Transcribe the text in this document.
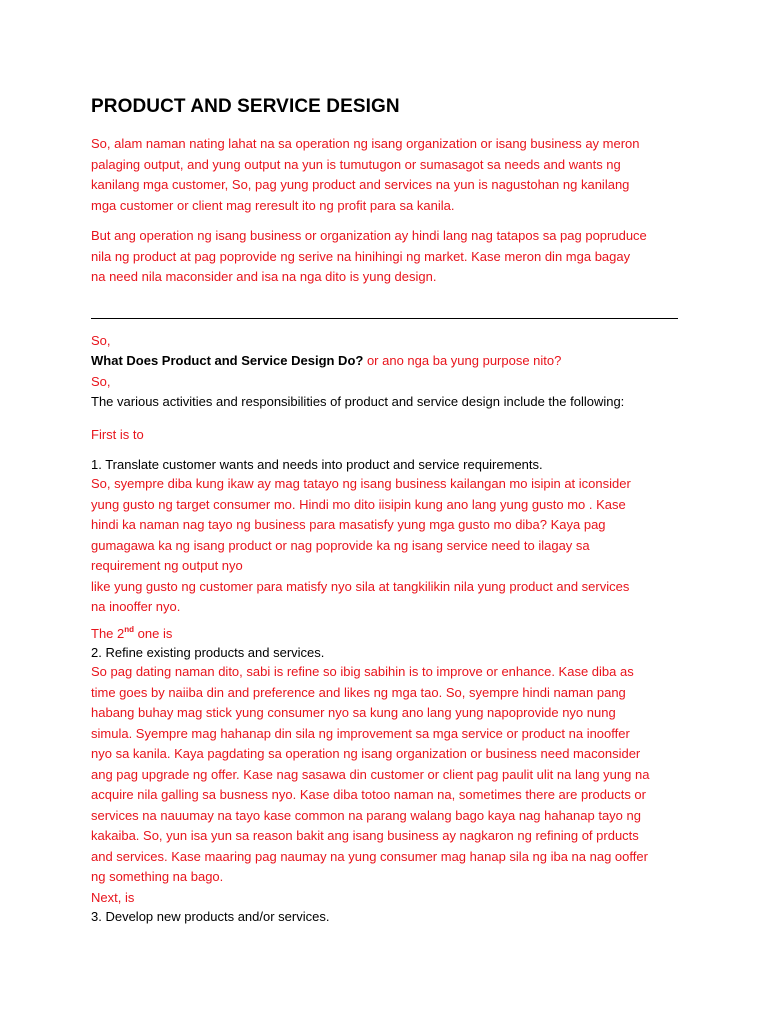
PRODUCT AND SERVICE DESIGN
So, alam naman nating lahat na sa operation ng isang organization or isang business ay meron
palaging output, and yung output na yun is tumutugon or sumasagot sa needs and wants ng
kanilang mga customer, So, pag yung product and services na yun is nagustohan ng kanilang
mga customer or client mag reresult ito ng profit para sa kanila.
But ang operation ng isang business or organization ay hindi lang nag tatapos sa pag popruduce
nila ng product at pag poprovide ng serive na hinihingi ng market. Kase meron din mga bagay
na need nila maconsider and isa na nga dito is yung design.
So,
What Does Product and Service Design Do? or ano nga ba yung purpose nito?
So,
The various activities and responsibilities of product and service design include the following:
First is to
1. Translate customer wants and needs into product and service requirements.
So, syempre diba kung ikaw ay mag tatayo ng isang business kailangan mo isipin at iconsider
yung gusto ng target consumer mo. Hindi mo dito iisipin kung ano lang yung gusto mo . Kase
hindi ka naman nag tayo ng business para masatisfy yung mga gusto mo diba? Kaya pag
gumagawa ka ng isang product or nag poprovide ka ng isang service need to ilagay sa
requirement ng output nyo
like yung gusto ng customer para matisfy nyo sila at tangkilikin nila yung product and services
na inooffer nyo.
The 2nd one is
2. Refine existing products and services.
So pag dating naman dito, sabi is refine so ibig sabihin is to improve or enhance. Kase diba as
time goes by naiiba din and preference and likes ng mga tao. So, syempre hindi naman pang
habang buhay mag stick yung consumer nyo sa kung ano lang yung napoprovide nyo nung
simula. Syempre mag hahanap din sila ng improvement sa mga service or product na inooffer
nyo sa kanila. Kaya pagdating sa operation ng isang organization or business need maconsider
ang pag upgrade ng offer. Kase nag sasawa din customer or client pag paulit ulit na lang yung na
acquire nila galling sa busness nyo. Kase diba totoo naman na, sometimes there are products or
services na nauumay na tayo kase common na parang walang bago kaya nag hahanap tayo ng
kakaiba. So, yun isa yun sa reason bakit ang isang business ay nagkaron ng refining of prducts
and services. Kase maaring pag naumay na yung consumer mag hanap sila ng iba na nag ooffer
ng something na bago.
Next, is
3. Develop new products and/or services.
